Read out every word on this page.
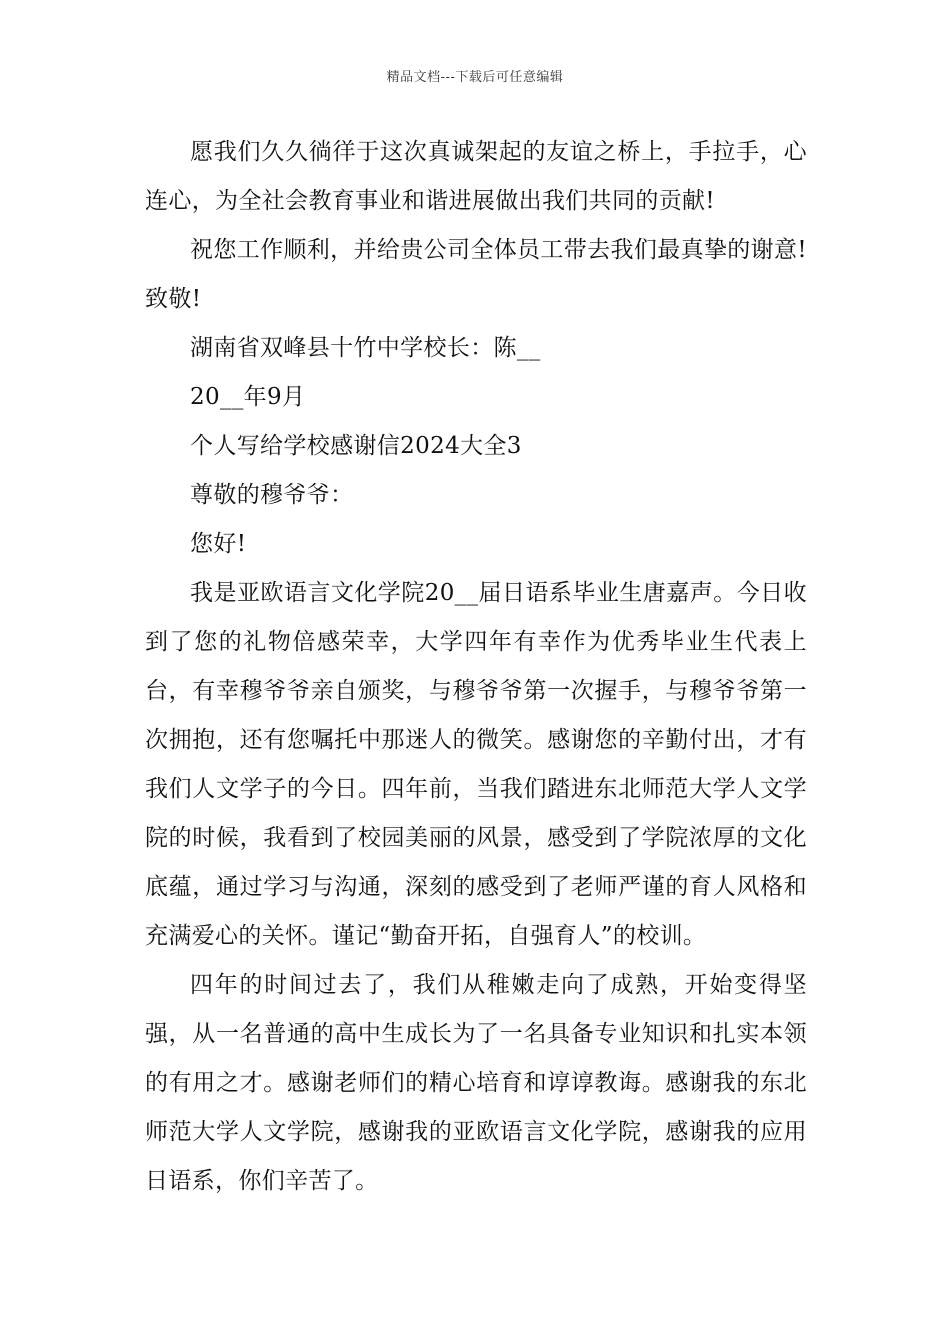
精品文档---下载后可任意编辑

愿我们久久徜徉于这次真诚架起的友谊之桥上，手拉手，心连心，为全社会教育事业和谐进展做出我们共同的贡献!

祝您工作顺利，并给贵公司全体员工带去我们最真挚的谢意!致敬!

湖南省双峰县十竹中学校长：陈__

20__年9月

个人写给学校感谢信2024大全3

尊敬的穆爷爷：

您好!

我是亚欧语言文化学院20__届日语系毕业生唐嘉声。今日收到了您的礼物倍感荣幸，大学四年有幸作为优秀毕业生代表上台，有幸穆爷爷亲自颁奖，与穆爷爷第一次握手，与穆爷爷第一次拥抱，还有您嘱托中那迷人的微笑。感谢您的辛勤付出，才有我们人文学子的今日。四年前，当我们踏进东北师范大学人文学院的时候，我看到了校园美丽的风景，感受到了学院浓厚的文化底蕴，通过学习与沟通，深刻的感受到了老师严谨的育人风格和充满爱心的关怀。谨记“勤奋开拓，自强育人”的校训。

四年的时间过去了，我们从稚嫩走向了成熟，开始变得坚强，从一名普通的高中生成长为了一名具备专业知识和扎实本领的有用之才。感谢老师们的精心培育和谆谆教诲。感谢我的东北师范大学人文学院，感谢我的亚欧语言文化学院，感谢我的应用日语系，你们辛苦了。
